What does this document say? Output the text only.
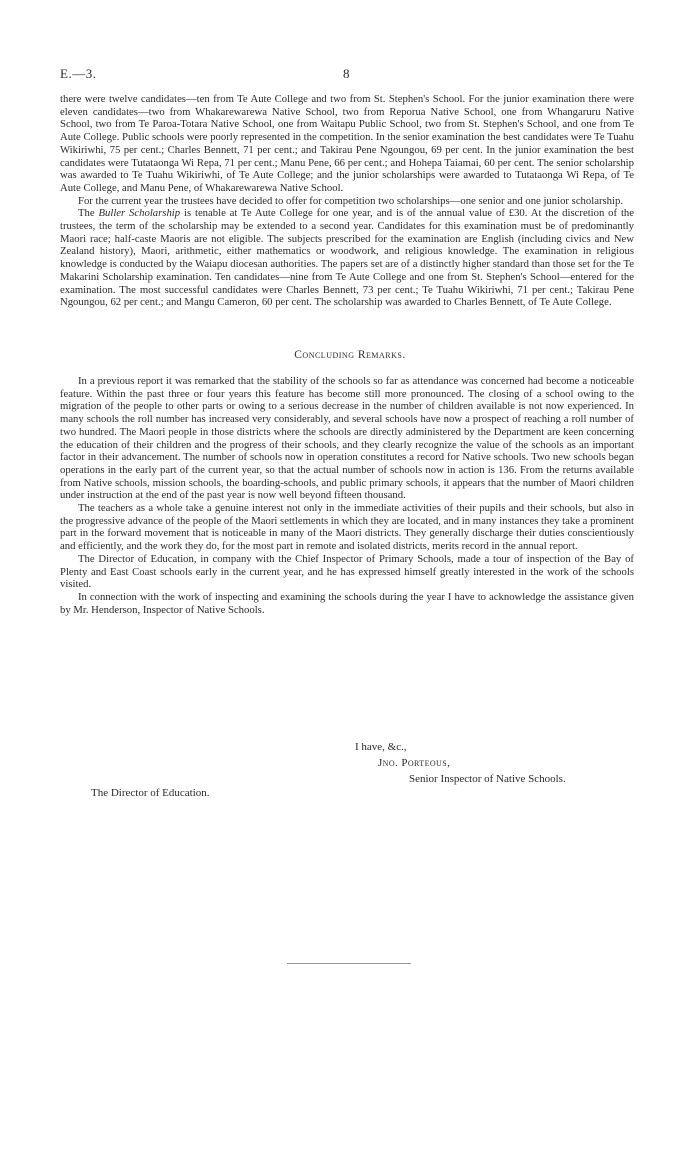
E.—3.	8

there were twelve candidates—ten from Te Aute College and two from St. Stephen's School. For the junior examination there were eleven candidates—two from Whakarewarewa Native School, two from Reporua Native School, one from Whangaruru Native School, two from Te Paroa-Totara Native School, one from Waitapu Public School, two from St. Stephen's School, and one from Te Aute College. Public schools were poorly represented in the competition. In the senior examination the best candidates were Te Tuahu Wikiriwhi, 75 per cent.; Charles Bennett, 71 per cent.; and Takirau Pene Ngoungou, 69 per cent. In the junior examination the best candidates were Tutataonga Wi Repa, 71 per cent.; Manu Pene, 66 per cent.; and Hohepa Taiamai, 60 per cent. The senior scholarship was awarded to Te Tuahu Wikiriwhi, of Te Aute College; and the junior scholarships were awarded to Tutataonga Wi Repa, of Te Aute College, and Manu Pene, of Whakarewarewa Native School.

For the current year the trustees have decided to offer for competition two scholarships—one senior and one junior scholarship.

The Buller Scholarship is tenable at Te Aute College for one year, and is of the annual value of £30. At the discretion of the trustees, the term of the scholarship may be extended to a second year. Candidates for this examination must be of predominantly Maori race; half-caste Maoris are not eligible. The subjects prescribed for the examination are English (including civics and New Zealand history), Maori, arithmetic, either mathematics or woodwork, and religious knowledge. The examination in religious knowledge is conducted by the Waiapu diocesan authorities. The papers set are of a distinctly higher standard than those set for the Te Makarini Scholarship examination. Ten candidates—nine from Te Aute College and one from St. Stephen's School—entered for the examination. The most successful candidates were Charles Bennett, 73 per cent.; Te Tuahu Wikiriwhi, 71 per cent.; Takirau Pene Ngoungou, 62 per cent.; and Mangu Cameron, 60 per cent. The scholarship was awarded to Charles Bennett, of Te Aute College.

Concluding Remarks.

In a previous report it was remarked that the stability of the schools so far as attendance was concerned had become a noticeable feature. Within the past three or four years this feature has become still more pronounced. The closing of a school owing to the migration of the people to other parts or owing to a serious decrease in the number of children available is not now experienced. In many schools the roll number has increased very considerably, and several schools have now a prospect of reaching a roll number of two hundred. The Maori people in those districts where the schools are directly administered by the Department are keen concerning the education of their children and the progress of their schools, and they clearly recognize the value of the schools as an important factor in their advancement. The number of schools now in operation constitutes a record for Native schools. Two new schools began operations in the early part of the current year, so that the actual number of schools now in action is 136. From the returns available from Native schools, mission schools, the boarding-schools, and public primary schools, it appears that the number of Maori children under instruction at the end of the past year is now well beyond fifteen thousand.

The teachers as a whole take a genuine interest not only in the immediate activities of their pupils and their schools, but also in the progressive advance of the people of the Maori settlements in which they are located, and in many instances they take a prominent part in the forward movement that is noticeable in many of the Maori districts. They generally discharge their duties conscientiously and efficiently, and the work they do, for the most part in remote and isolated districts, merits record in the annual report.

The Director of Education, in company with the Chief Inspector of Primary Schools, made a tour of inspection of the Bay of Plenty and East Coast schools early in the current year, and he has expressed himself greatly interested in the work of the schools visited.

In connection with the work of inspecting and examining the schools during the year I have to acknowledge the assistance given by Mr. Henderson, Inspector of Native Schools.

I have, &c.,
Jno. Porteous,
Senior Inspector of Native Schools.
The Director of Education.
